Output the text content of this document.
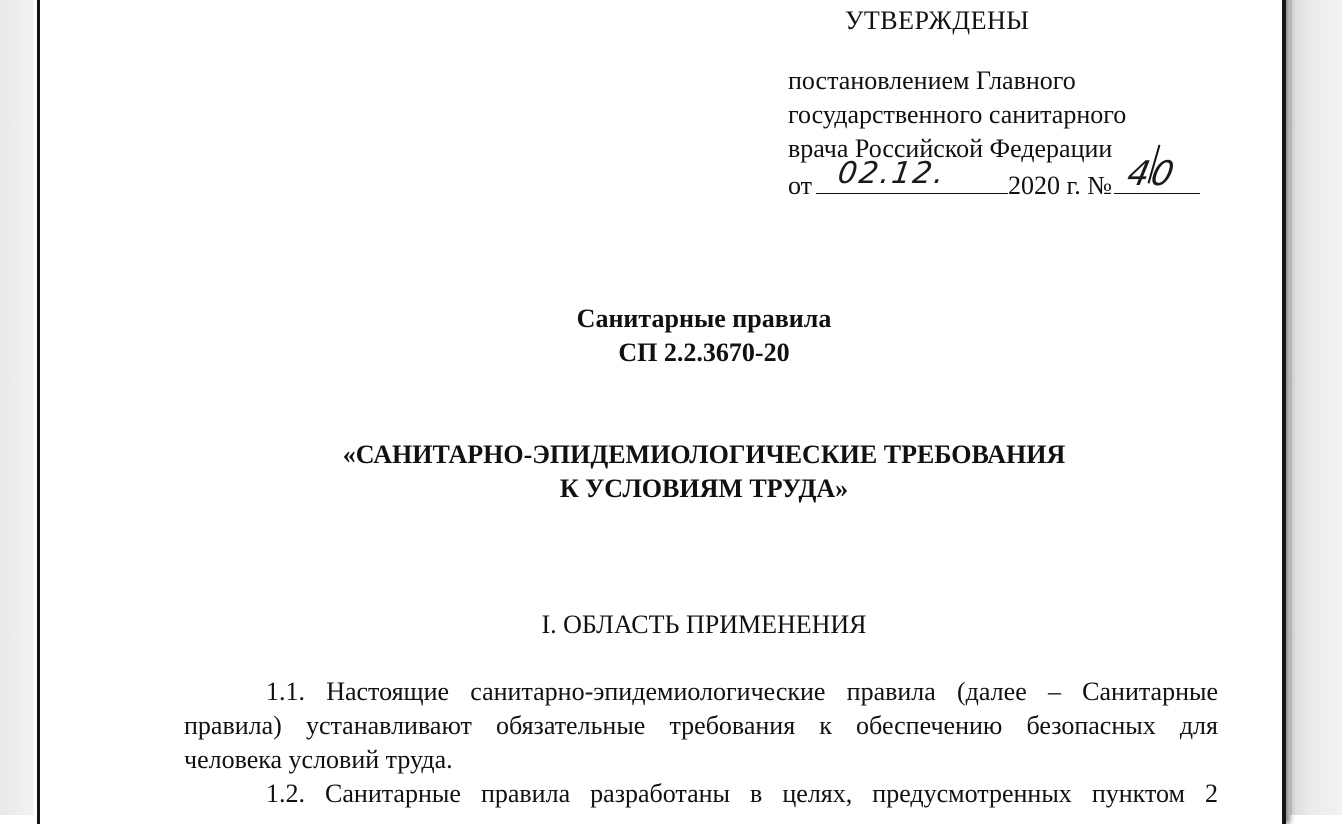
УТВЕРЖДЕНЫ
постановлением Главного
государственного санитарного
врача Российской Федерации
от 02.12. 2020 г. № 40
Санитарные правила
СП 2.2.3670-20
«САНИТАРНО-ЭПИДЕМИОЛОГИЧЕСКИЕ ТРЕБОВАНИЯ
К УСЛОВИЯМ ТРУДА»
I. ОБЛАСТЬ ПРИМЕНЕНИЯ
1.1. Настоящие санитарно-эпидемиологические правила (далее – Санитарные
правила) устанавливают обязательные требования к обеспечению безопасных для
человека условий труда.
1.2. Санитарные правила разработаны в целях, предусмотренных пунктом 2
